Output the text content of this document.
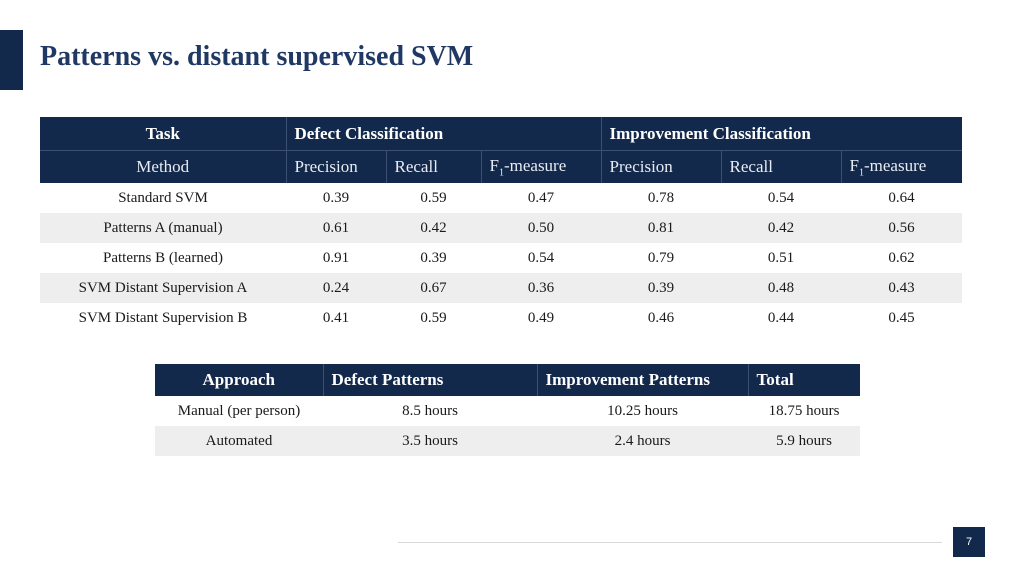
Patterns vs. distant supervised SVM
Task	Defect Classification			Improvement Classification		
Method	Precision	Recall	$F_1$-measure	Precision	Recall	$F_1$-measure
Standard SVM	0.39	0.59	0.47	0.78	0.54	0.64
Patterns A (manual)	0.61	0.42	0.50	0.81	0.42	0.56
Patterns B (learned)	0.91	0.39	0.54	0.79	0.51	0.62
SVM Distant Supervision A	0.24	0.67	0.36	0.39	0.48	0.43
SVM Distant Supervision B	0.41	0.59	0.49	0.46	0.44	0.45
Approach	Defect Patterns	Improvement Patterns	Total
Manual (per person)	8.5 hours	10.25 hours	18.75 hours
Automated	3.5 hours	2.4 hours	5.9 hours
7
